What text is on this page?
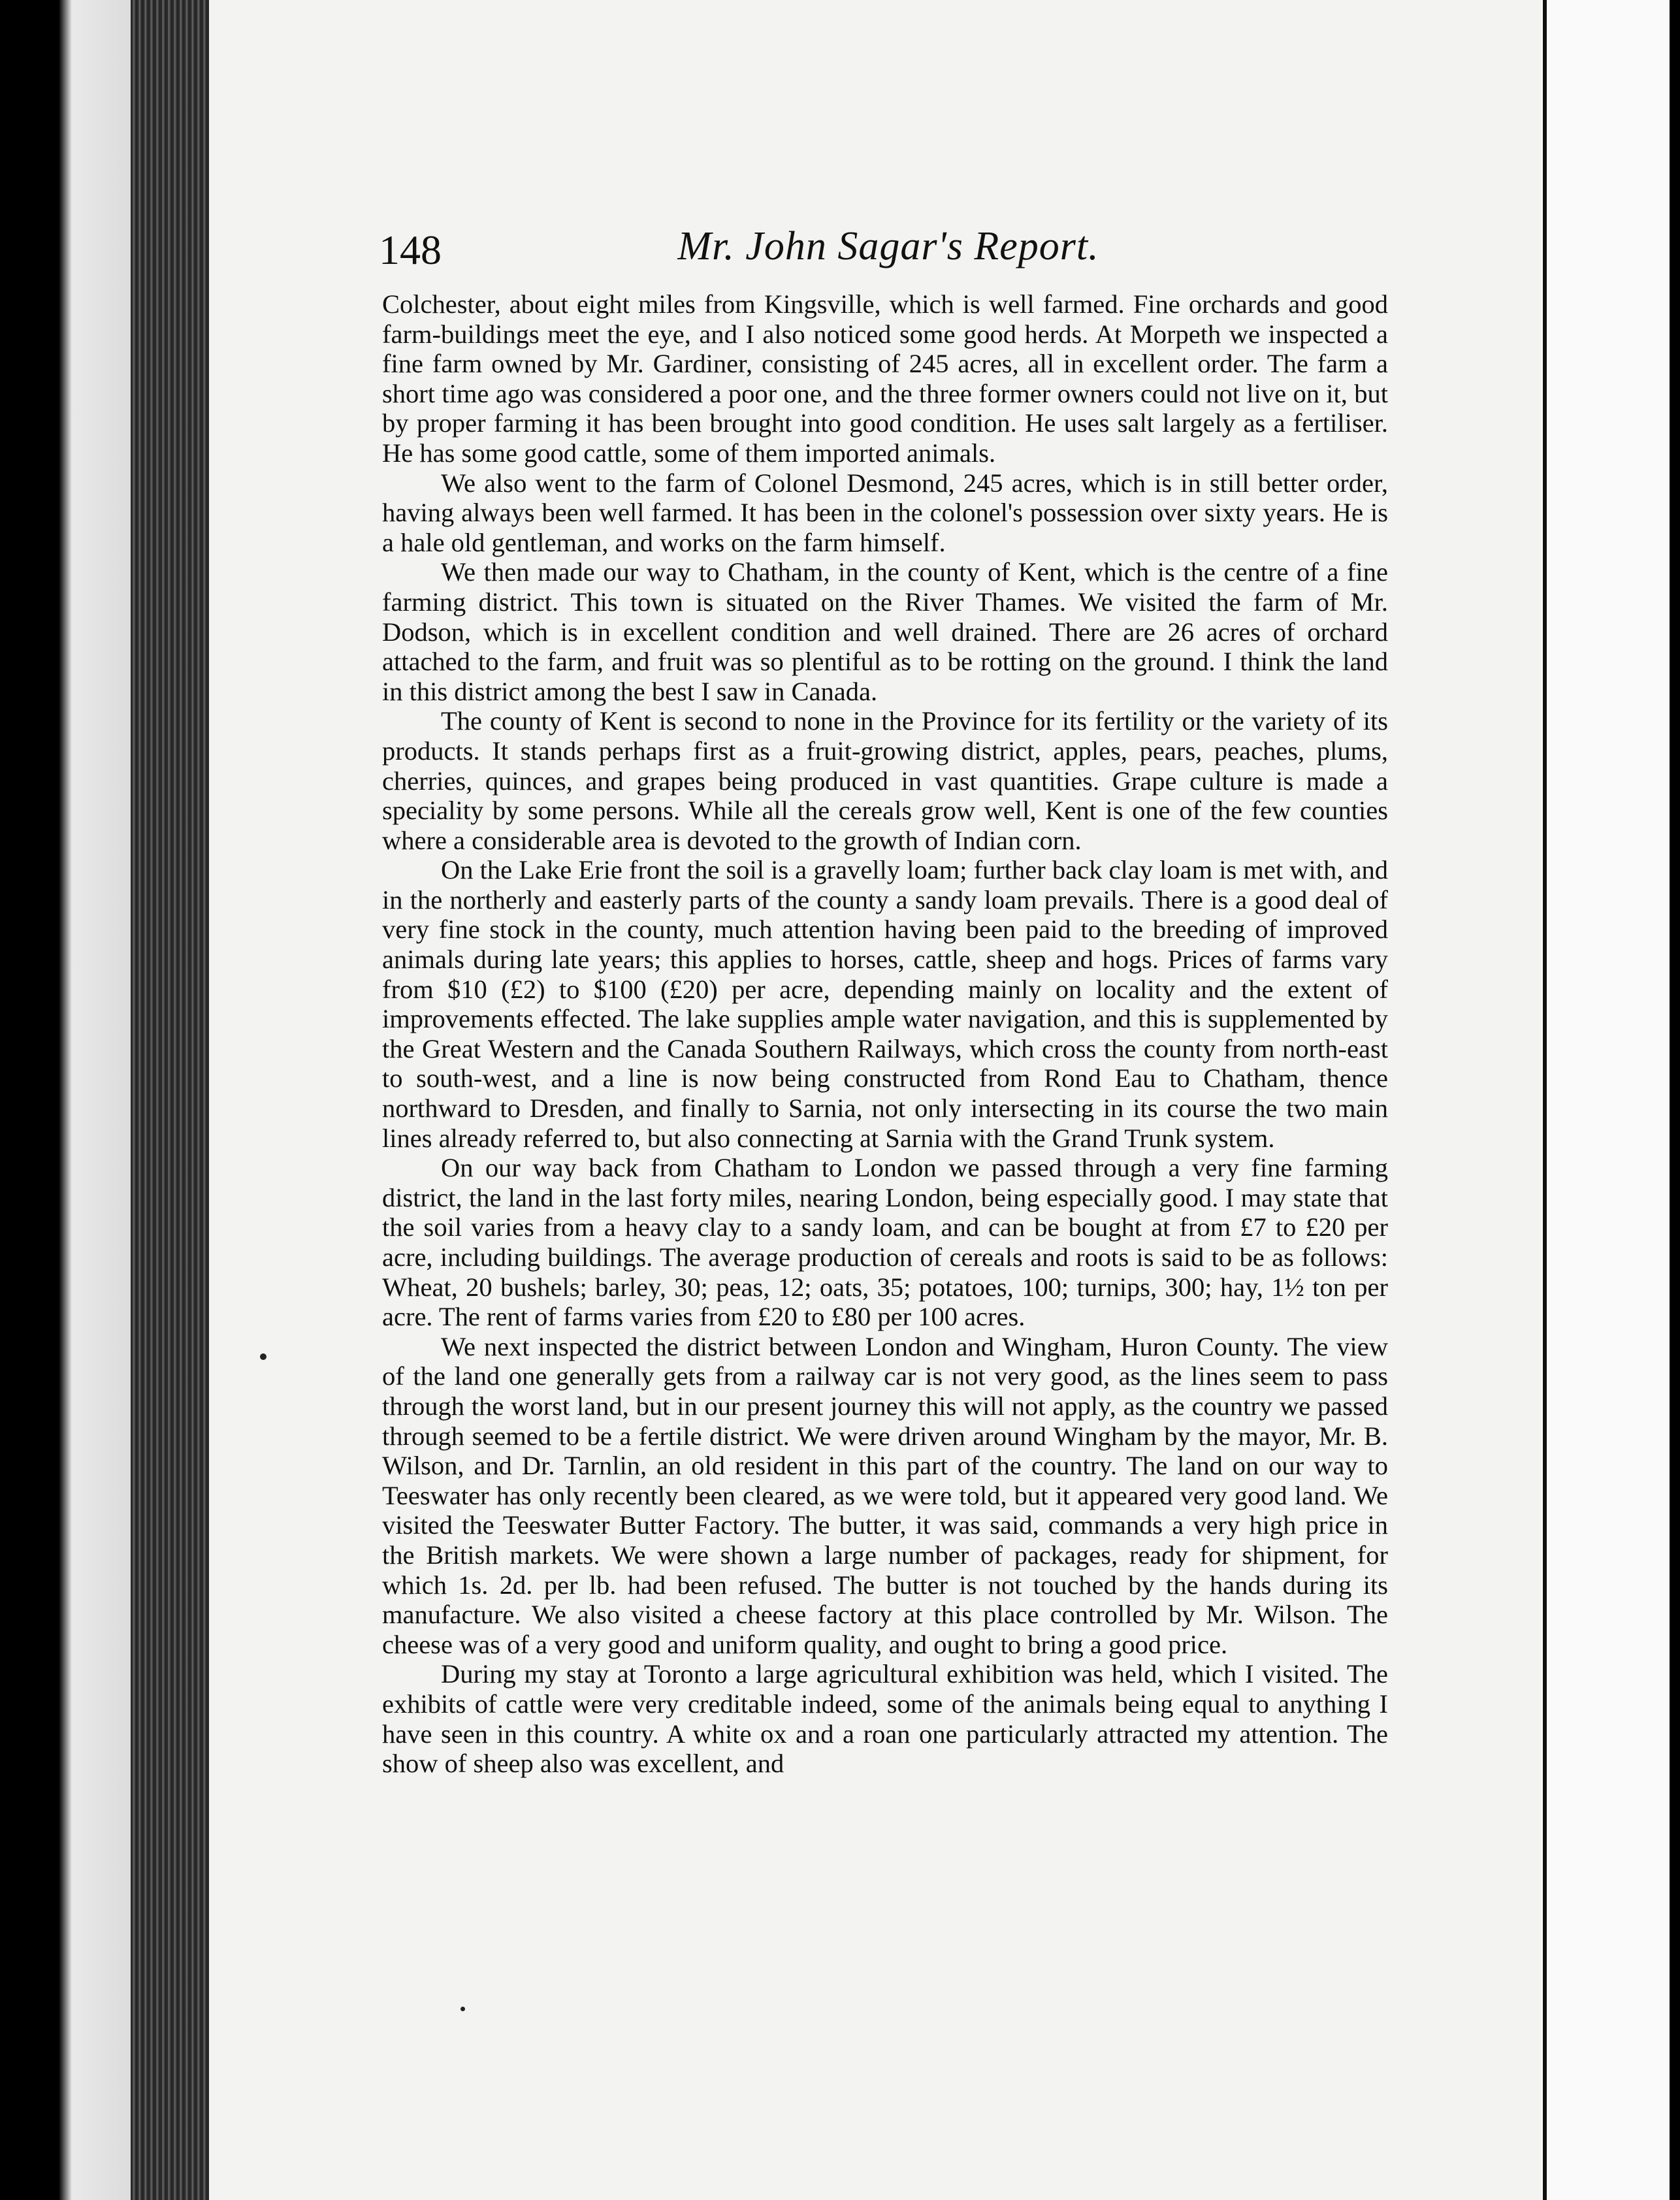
148	Mr. John Sagar's Report.

Colchester, about eight miles from Kingsville, which is well farmed. Fine orchards and good farm-buildings meet the eye, and I also noticed some good herds. At Morpeth we inspected a fine farm owned by Mr. Gardiner, consisting of 245 acres, all in excellent order. The farm a short time ago was considered a poor one, and the three former owners could not live on it, but by proper farming it has been brought into good condition. He uses salt largely as a fertiliser. He has some good cattle, some of them imported animals.

We also went to the farm of Colonel Desmond, 245 acres, which is in still better order, having always been well farmed. It has been in the colonel's possession over sixty years. He is a hale old gentleman, and works on the farm himself.

We then made our way to Chatham, in the county of Kent, which is the centre of a fine farming district. This town is situated on the River Thames. We visited the farm of Mr. Dodson, which is in excellent condition and well drained. There are 26 acres of orchard attached to the farm, and fruit was so plentiful as to be rotting on the ground. I think the land in this district among the best I saw in Canada.

The county of Kent is second to none in the Province for its fertility or the variety of its products. It stands perhaps first as a fruit-growing district, apples, pears, peaches, plums, cherries, quinces, and grapes being produced in vast quantities. Grape culture is made a speciality by some persons. While all the cereals grow well, Kent is one of the few counties where a considerable area is devoted to the growth of Indian corn.

On the Lake Erie front the soil is a gravelly loam; further back clay loam is met with, and in the northerly and easterly parts of the county a sandy loam prevails. There is a good deal of very fine stock in the county, much attention having been paid to the breeding of improved animals during late years; this applies to horses, cattle, sheep and hogs. Prices of farms vary from $10 (£2) to $100 (£20) per acre, depending mainly on locality and the extent of improvements effected. The lake supplies ample water navigation, and this is supplemented by the Great Western and the Canada Southern Railways, which cross the county from north-east to south-west, and a line is now being constructed from Rond Eau to Chatham, thence northward to Dresden, and finally to Sarnia, not only intersecting in its course the two main lines already referred to, but also connecting at Sarnia with the Grand Trunk system.

On our way back from Chatham to London we passed through a very fine farming district, the land in the last forty miles, nearing London, being especially good. I may state that the soil varies from a heavy clay to a sandy loam, and can be bought at from £7 to £20 per acre, including buildings. The average production of cereals and roots is said to be as follows: Wheat, 20 bushels; barley, 30; peas, 12; oats, 35; potatoes, 100; turnips, 300; hay, 1½ ton per acre. The rent of farms varies from £20 to £80 per 100 acres.

We next inspected the district between London and Wingham, Huron County. The view of the land one generally gets from a railway car is not very good, as the lines seem to pass through the worst land, but in our present journey this will not apply, as the country we passed through seemed to be a fertile district. We were driven around Wingham by the mayor, Mr. B. Wilson, and Dr. Tarnlin, an old resident in this part of the country. The land on our way to Teeswater has only recently been cleared, as we were told, but it appeared very good land. We visited the Teeswater Butter Factory. The butter, it was said, commands a very high price in the British markets. We were shown a large number of packages, ready for shipment, for which 1s. 2d. per lb. had been refused. The butter is not touched by the hands during its manufacture. We also visited a cheese factory at this place controlled by Mr. Wilson. The cheese was of a very good and uniform quality, and ought to bring a good price.

During my stay at Toronto a large agricultural exhibition was held, which I visited. The exhibits of cattle were very creditable indeed, some of the animals being equal to anything I have seen in this country. A white ox and a roan one particularly attracted my attention. The show of sheep also was excellent, and
